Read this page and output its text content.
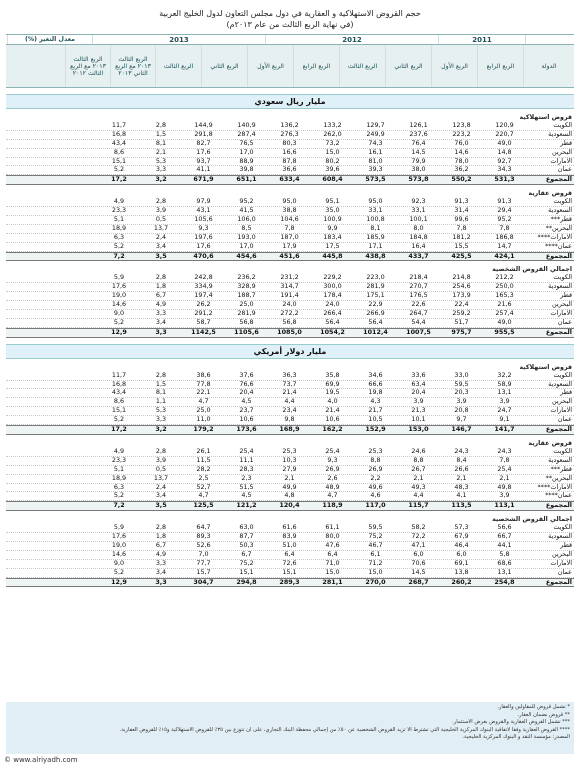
حجم القروض الاستهلاكية و العقارية في دول مجلس التعاون لدول الخليج العربية
(في نهاية الربع الثالث من عام ٢٠١٣م)
2011
2012
2013
معدل التغير (%)
الدولة
الربع الرابع
الربع الأول
الربع الثاني
الربع الثالث
الربع الرابع
الربع الأول
الربع الثاني
الربع الثالث
الربع الثالث ٢٠١٣ مع الربع الثاني ٢٠١٣
الربع الثالث ٢٠١٣ مع الربع الثالث ٢٠١٢
مليار ريال سعودي
قروض استهلاكية
الكويت
120,9
123,8
126,1
129,7
133,2
136,2
140,9
144,9
2,8
11,7
السعودية
220,7
223,2
237,6
249,9
262,0
276,3
287,4
291,8
1,5
16,8
قطر
49,0
76,0
76,4
74,3
73,2
80,3
76,5
82,7
8,1
43,4
البحرين
14,8
14,6
14,5
16,1
15,0
16,6
17,0
17,6
2,1
8,6
الامارات
92,7
78,0
79,9
81,0
80,2
87,8
88,9
93,7
5,3
15,1
عمان
34,3
36,2
38,0
39,3
39,6
36,6
39,8
41,1
3,3
5,2
المجموع
531,3
550,2
573,8
573,5
608,4
633,4
651,1
671,9
3,2
17,2
قروض عقارية
الكويت
91,3
91,3
92,3
95,0
95,1
95,0
95,2
97,9
2,8
4,9
السعودية
29,4
31,4
33,1
33,1
35,0
38,8
41,5
43,1
3,9
23,3
قطر***
95,2
99,6
100,1
100,8
100,9
104,6
106,0
105,6
0,5
5,1
البحرين**
7,8
7,8
8,0
8,1
9,9
7,8
8,5
9,3
13,7
18,9
الامارات****
186,8
181,2
184,8
185,9
183,4
187,0
193,0
197,6
2,4
6,3
عمان****
14,7
15,5
16,4
17,1
17,5
17,9
17,0
17,6
3,4
5,2
المجموع
424,1
425,5
433,7
438,8
445,8
451,6
454,6
470,6
3,5
7,2
اجمالي القروض الشخصية
الكويت
212,2
214,8
218,4
223,0
229,2
231,2
236,2
242,8
2,8
5,9
السعودية
250,0
254,6
270,7
281,9
300,0
314,7
328,9
334,9
1,8
17,6
قطر
165,3
173,9
176,5
175,1
178,4
191,4
188,7
197,4
6,7
19,0
البحرين
21,6
22,4
22,6
22,9
24,0
24,0
25,0
26,2
4,9
14,6
الامارات
257,4
259,2
264,7
266,9
266,4
272,2
281,9
291,2
3,3
9,0
عمان
49,0
51,7
54,4
56,4
56,4
56,8
56,8
58,7
3,4
5,2
المجموع
955,5
975,7
1007,5
1012,4
1054,2
1085,0
1105,6
1142,5
3,3
12,9
مليار دولار أمريكي
قروض استهلاكية
الكويت
32,2
33,0
33,6
34,6
35,8
36,3
37,6
38,6
2,8
11,7
السعودية
58,9
59,5
63,4
66,6
69,9
73,7
76,6
77,8
1,5
16,8
قطر
13,1
20,3
20,4
19,8
19,5
21,4
20,4
22,1
8,1
43,4
البحرين
3,9
3,9
3,9
4,3
4,0
4,4
4,5
4,7
1,1
8,6
الامارات
24,7
20,8
21,3
21,7
21,4
23,4
23,7
25,0
5,3
15,1
عمان
9,1
9,7
10,1
10,5
10,6
9,8
10,6
11,0
3,3
5,2
المجموع
141,7
146,7
153,0
152,9
162,2
168,9
173,6
179,2
3,2
17,2
قروض عقارية
الكويت
24,3
24,3
24,6
25,3
25,4
25,3
25,4
26,1
2,8
4,9
السعودية
7,8
8,4
8,8
8,8
9,3
10,3
11,1
11,5
3,9
23,3
قطر***
25,4
26,6
26,7
26,9
26,9
27,9
28,3
28,2
0,5
5,1
البحرين**
2,1
2,1
2,1
2,2
2,6
2,1
2,3
2,5
13,7
18,9
الامارات****
49,8
48,3
49,3
49,6
48,9
49,9
51,5
52,7
2,4
6,3
عمان****
3,9
4,1
4,4
4,6
4,7
4,8
4,5
4,7
3,4
5,2
المجموع
113,1
113,5
115,7
117,0
118,9
120,4
121,2
125,5
3,5
7,2
اجمالي القروض الشخصية
الكويت
56,6
57,3
58,2
59,5
61,1
61,6
63,0
64,7
2,8
5,9
السعودية
66,7
67,9
72,2
75,2
80,0
83,9
87,7
89,3
1,8
17,6
قطر
44,1
46,4
47,1
46,7
47,6
51,0
50,3
52,6
6,7
19,0
البحرين
5,8
6,0
6,0
6,1
6,4
6,4
6,7
7,0
4,9
14,6
الامارات
68,6
69,1
70,6
71,2
71,0
72,6
75,2
77,7
3,3
9,0
عمان
13,1
13,8
14,5
15,0
15,0
15,1
15,1
15,7
3,4
5,2
المجموع
254,8
260,2
268,7
270,0
281,1
289,3
294,8
304,7
3,3
12,9
* تشمل قروض للمقاولين والعقار.
** قروض بضمان العقار.
*** تشمل القروض العقارية والقروض بغرض الاستثمار.
**** القروض العقارية وفقا لاتفاقية البنوك المركزية الخليجية التي تشترط ألا تزيد القروض الشخصية عن ٥٠٪ من إجمالي محفظة البنك التجاري، على أن تتوزع بين ٣٥٪ للقروض الاستهلاكية و١٥٪ للقروض العقارية.
المصدر: مؤسسة النقد و البنوك المركزية الخليجية.
© www.alriyadh.com
